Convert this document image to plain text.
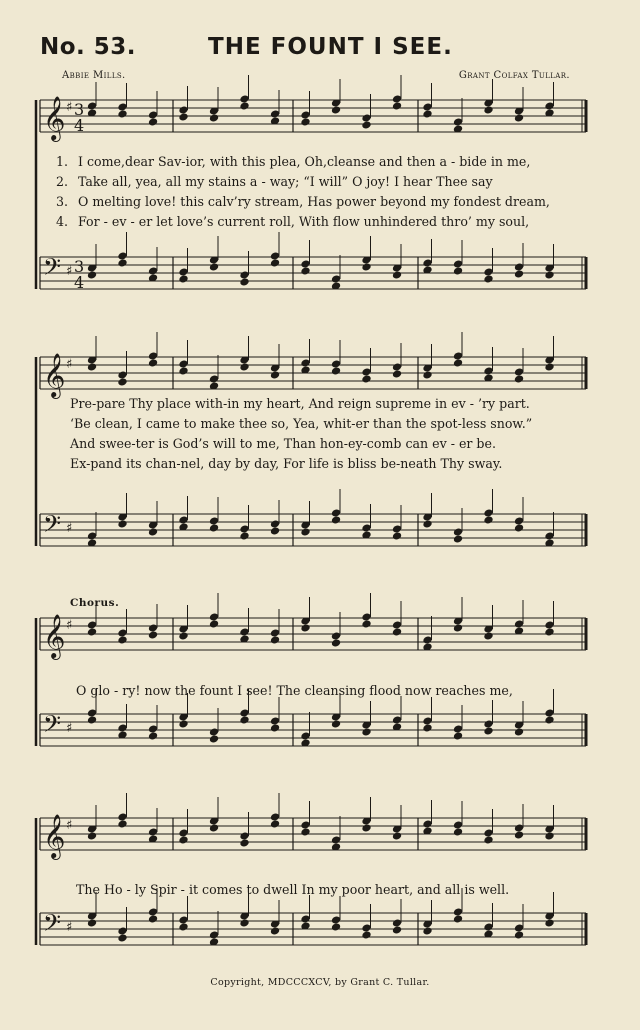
No. 53.	THE FOUNT I SEE.
Abbie Mills.	Grant Colfax Tullar.
𝄞
𝄢
♯
♯
3
4
3
4
𝄞
𝄢
♯
♯
𝄞
𝄢
♯
♯
𝄞
𝄢
♯
♯
1. I come,dear Sav-ior, with this plea, Oh,cleanse and then a - bide in me,
2. Take all, yea, all my stains a - way; “I will” O joy! I hear Thee say
3. O melting love! this calv’ry stream, Has power beyond my fondest dream,
4. For - ev - er let love’s current roll, With flow unhindered thro’ my soul,
Pre-pare Thy place with-in my heart, And reign supreme in ev - ’ry part.
‘Be clean, I came to make thee so, Yea, whit-er than the spot-less snow.”
And swee-ter is God’s will to me, Than hon-ey-comb can ev - er be.
Ex-pand its chan-nel, day by day, For life is bliss be-neath Thy sway.
Chorus.
O glo - ry! now the fount I see! The cleansing flood now reaches me,
The Ho - ly Spir - it comes to dwell In my poor heart, and all is well.
Copyright, MDCCCXCV, by Grant C. Tullar.
